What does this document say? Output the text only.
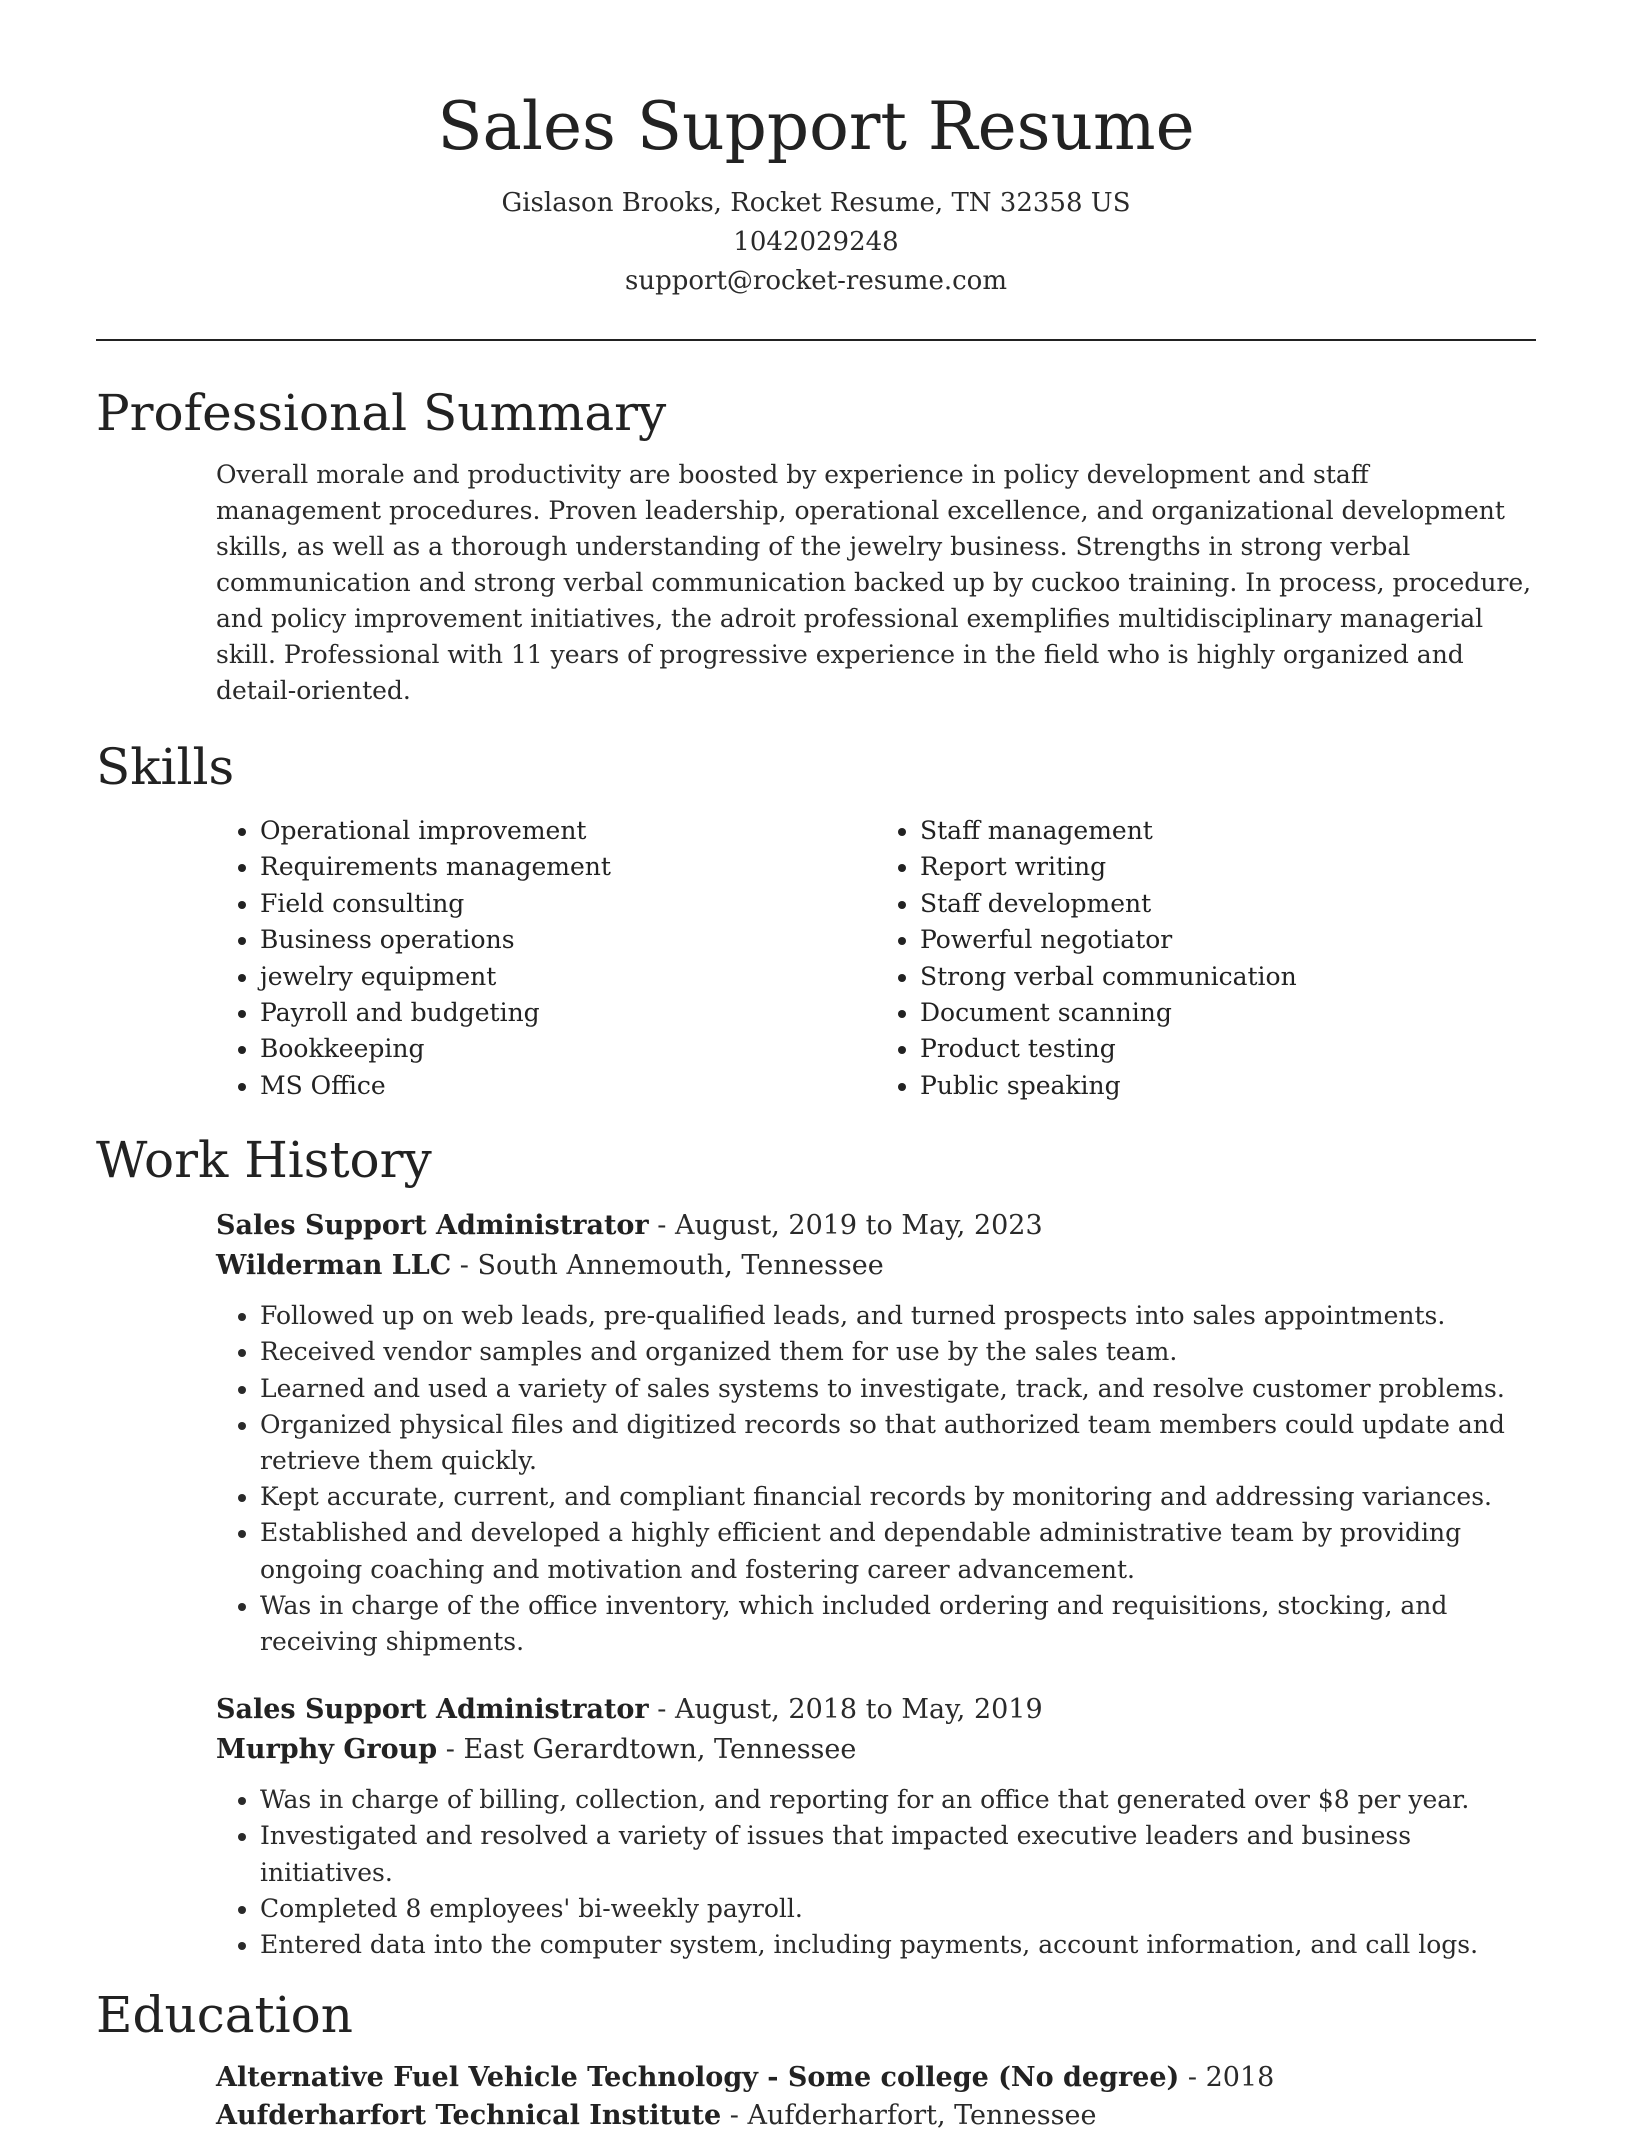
Sales Support Resume
Gislason Brooks, Rocket Resume, TN 32358 US
1042029248
support@rocket-resume.com
Professional Summary
Overall morale and productivity are boosted by experience in policy development and staff management procedures. Proven leadership, operational excellence, and organizational development skills, as well as a thorough understanding of the jewelry business. Strengths in strong verbal communication and strong verbal communication backed up by cuckoo training. In process, procedure, and policy improvement initiatives, the adroit professional exemplifies multidisciplinary managerial skill. Professional with 11 years of progressive experience in the field who is highly organized and detail-oriented.
Skills
• Operational improvement
• Requirements management
• Field consulting
• Business operations
• jewelry equipment
• Payroll and budgeting
• Bookkeeping
• MS Office
• Staff management
• Report writing
• Staff development
• Powerful negotiator
• Strong verbal communication
• Document scanning
• Product testing
• Public speaking
Work History
Sales Support Administrator - August, 2019 to May, 2023
Wilderman LLC - South Annemouth, Tennessee
• Followed up on web leads, pre-qualified leads, and turned prospects into sales appointments.
• Received vendor samples and organized them for use by the sales team.
• Learned and used a variety of sales systems to investigate, track, and resolve customer problems.
• Organized physical files and digitized records so that authorized team members could update and retrieve them quickly.
• Kept accurate, current, and compliant financial records by monitoring and addressing variances.
• Established and developed a highly efficient and dependable administrative team by providing ongoing coaching and motivation and fostering career advancement.
• Was in charge of the office inventory, which included ordering and requisitions, stocking, and receiving shipments.
Sales Support Administrator - August, 2018 to May, 2019
Murphy Group - East Gerardtown, Tennessee
• Was in charge of billing, collection, and reporting for an office that generated over $8 per year.
• Investigated and resolved a variety of issues that impacted executive leaders and business initiatives.
• Completed 8 employees' bi-weekly payroll.
• Entered data into the computer system, including payments, account information, and call logs.
Education
Alternative Fuel Vehicle Technology - Some college (No degree) - 2018
Aufderharfort Technical Institute - Aufderharfort, Tennessee
